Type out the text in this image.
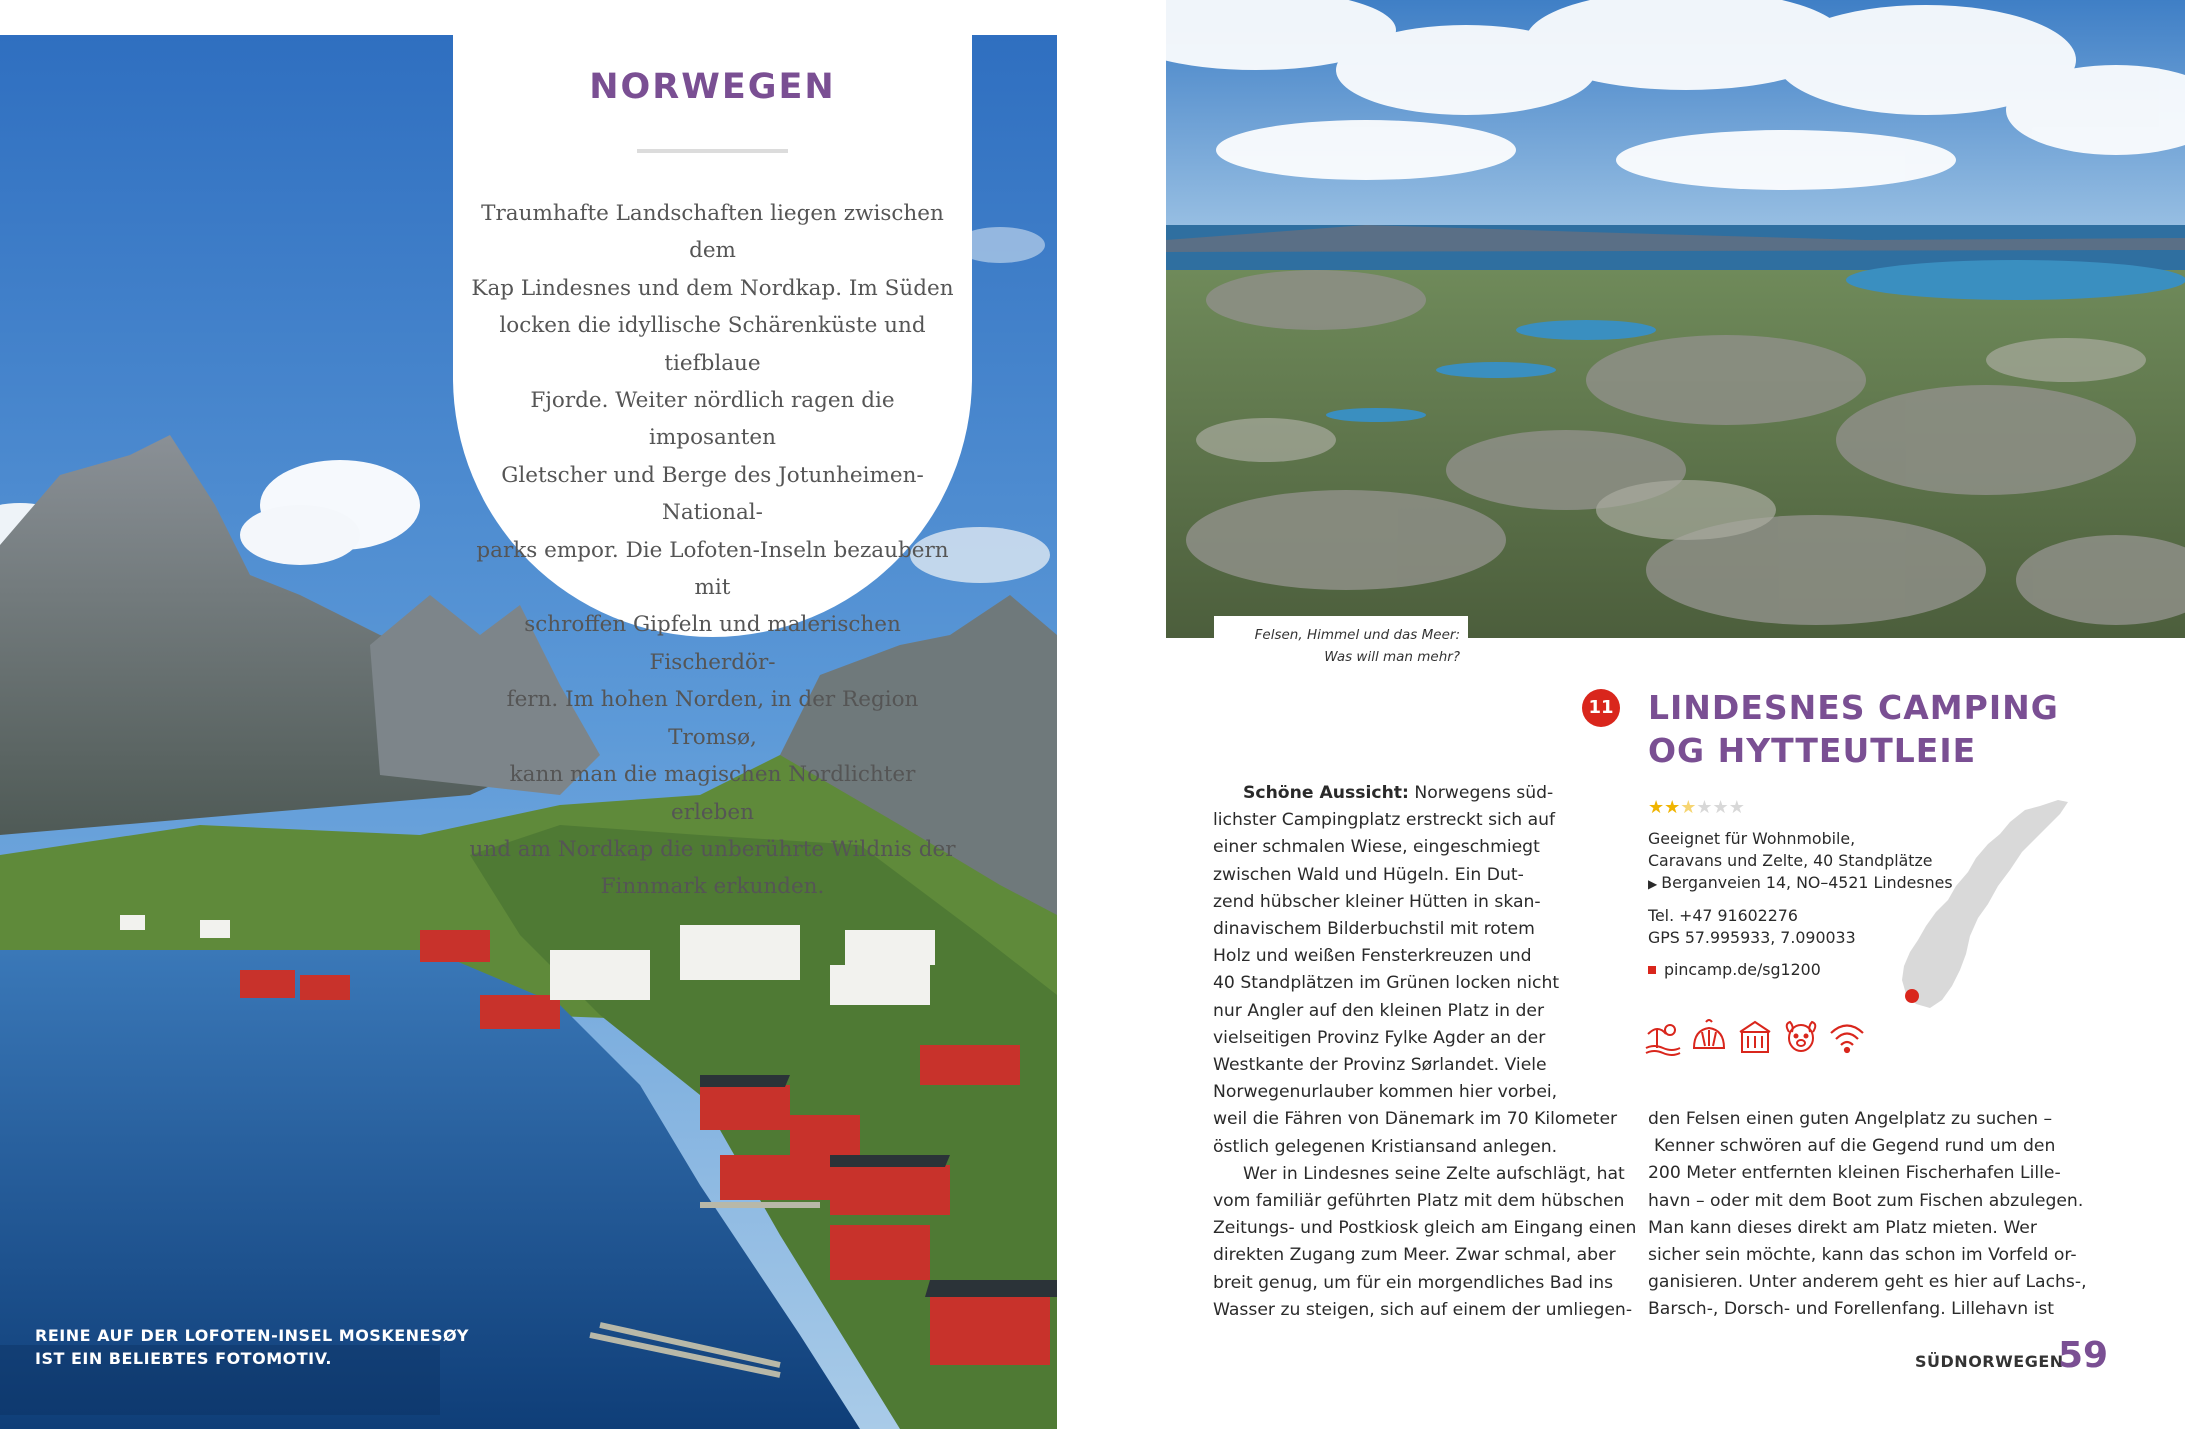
NORWEGEN
Traumhafte Landschaften liegen zwischen dem
Kap Lindesnes und dem Nordkap. Im Süden
locken die idyllische Schärenküste und tiefblaue
Fjorde. Weiter nördlich ragen die imposanten
Gletscher und Berge des Jotunheimen-National-
parks empor. Die Lofoten-Inseln bezaubern mit
schroffen Gipfeln und malerischen Fischerdör-
fern. Im hohen Norden, in der Region Tromsø,
kann man die magischen Nordlichter erleben
und am Nordkap die unberührte Wildnis der
Finnmark erkunden.
REINE AUF DER LOFOTEN-INSEL MOSKENESØY
IST EIN BELIEBTES FOTOMOTIV.
Felsen, Himmel und das Meer:
Was will man mehr?
11 LINDESNES CAMPING
OG HYTTEUTLEIE
★★★★★★
Geeignet für Wohnmobile,
Caravans und Zelte, 40 Standplätze
▶ Berganveien 14, NO–4521 Lindesnes
Tel. +47 91602276
GPS 57.995933, 7.090033
pincamp.de/sg1200
Schöne Aussicht: Norwegens süd-
lichster Campingplatz erstreckt sich auf
einer schmalen Wiese, eingeschmiegt
zwischen Wald und Hügeln. Ein Dut-
zend hübscher kleiner Hütten in skan-
dinavischem Bilderbuchstil mit rotem
Holz und weißen Fensterkreuzen und
40 Standplätzen im Grünen locken nicht
nur Angler auf den kleinen Platz in der
vielseitigen Provinz Fylke Agder an der
Westkante der Provinz Sørlandet. Viele
Norwegenurlauber kommen hier vorbei,
weil die Fähren von Dänemark im 70 Kilometer
östlich gelegenen Kristiansand anlegen.
Wer in Lindesnes seine Zelte aufschlägt, hat
vom familiär geführten Platz mit dem hübschen
Zeitungs- und Postkiosk gleich am Eingang einen
direkten Zugang zum Meer. Zwar schmal, aber
breit genug, um für ein morgendliches Bad ins
Wasser zu steigen, sich auf einem der umliegen-
den Felsen einen guten Angelplatz zu suchen –
Kenner schwören auf die Gegend rund um den
200 Meter entfernten kleinen Fischerhafen Lille-
havn – oder mit dem Boot zum Fischen abzulegen.
Man kann dieses direkt am Platz mieten. Wer
sicher sein möchte, kann das schon im Vorfeld or-
ganisieren. Unter anderem geht es hier auf Lachs-,
Barsch-, Dorsch- und Forellenfang. Lillehavn ist
SÜDNORWEGEN
59
